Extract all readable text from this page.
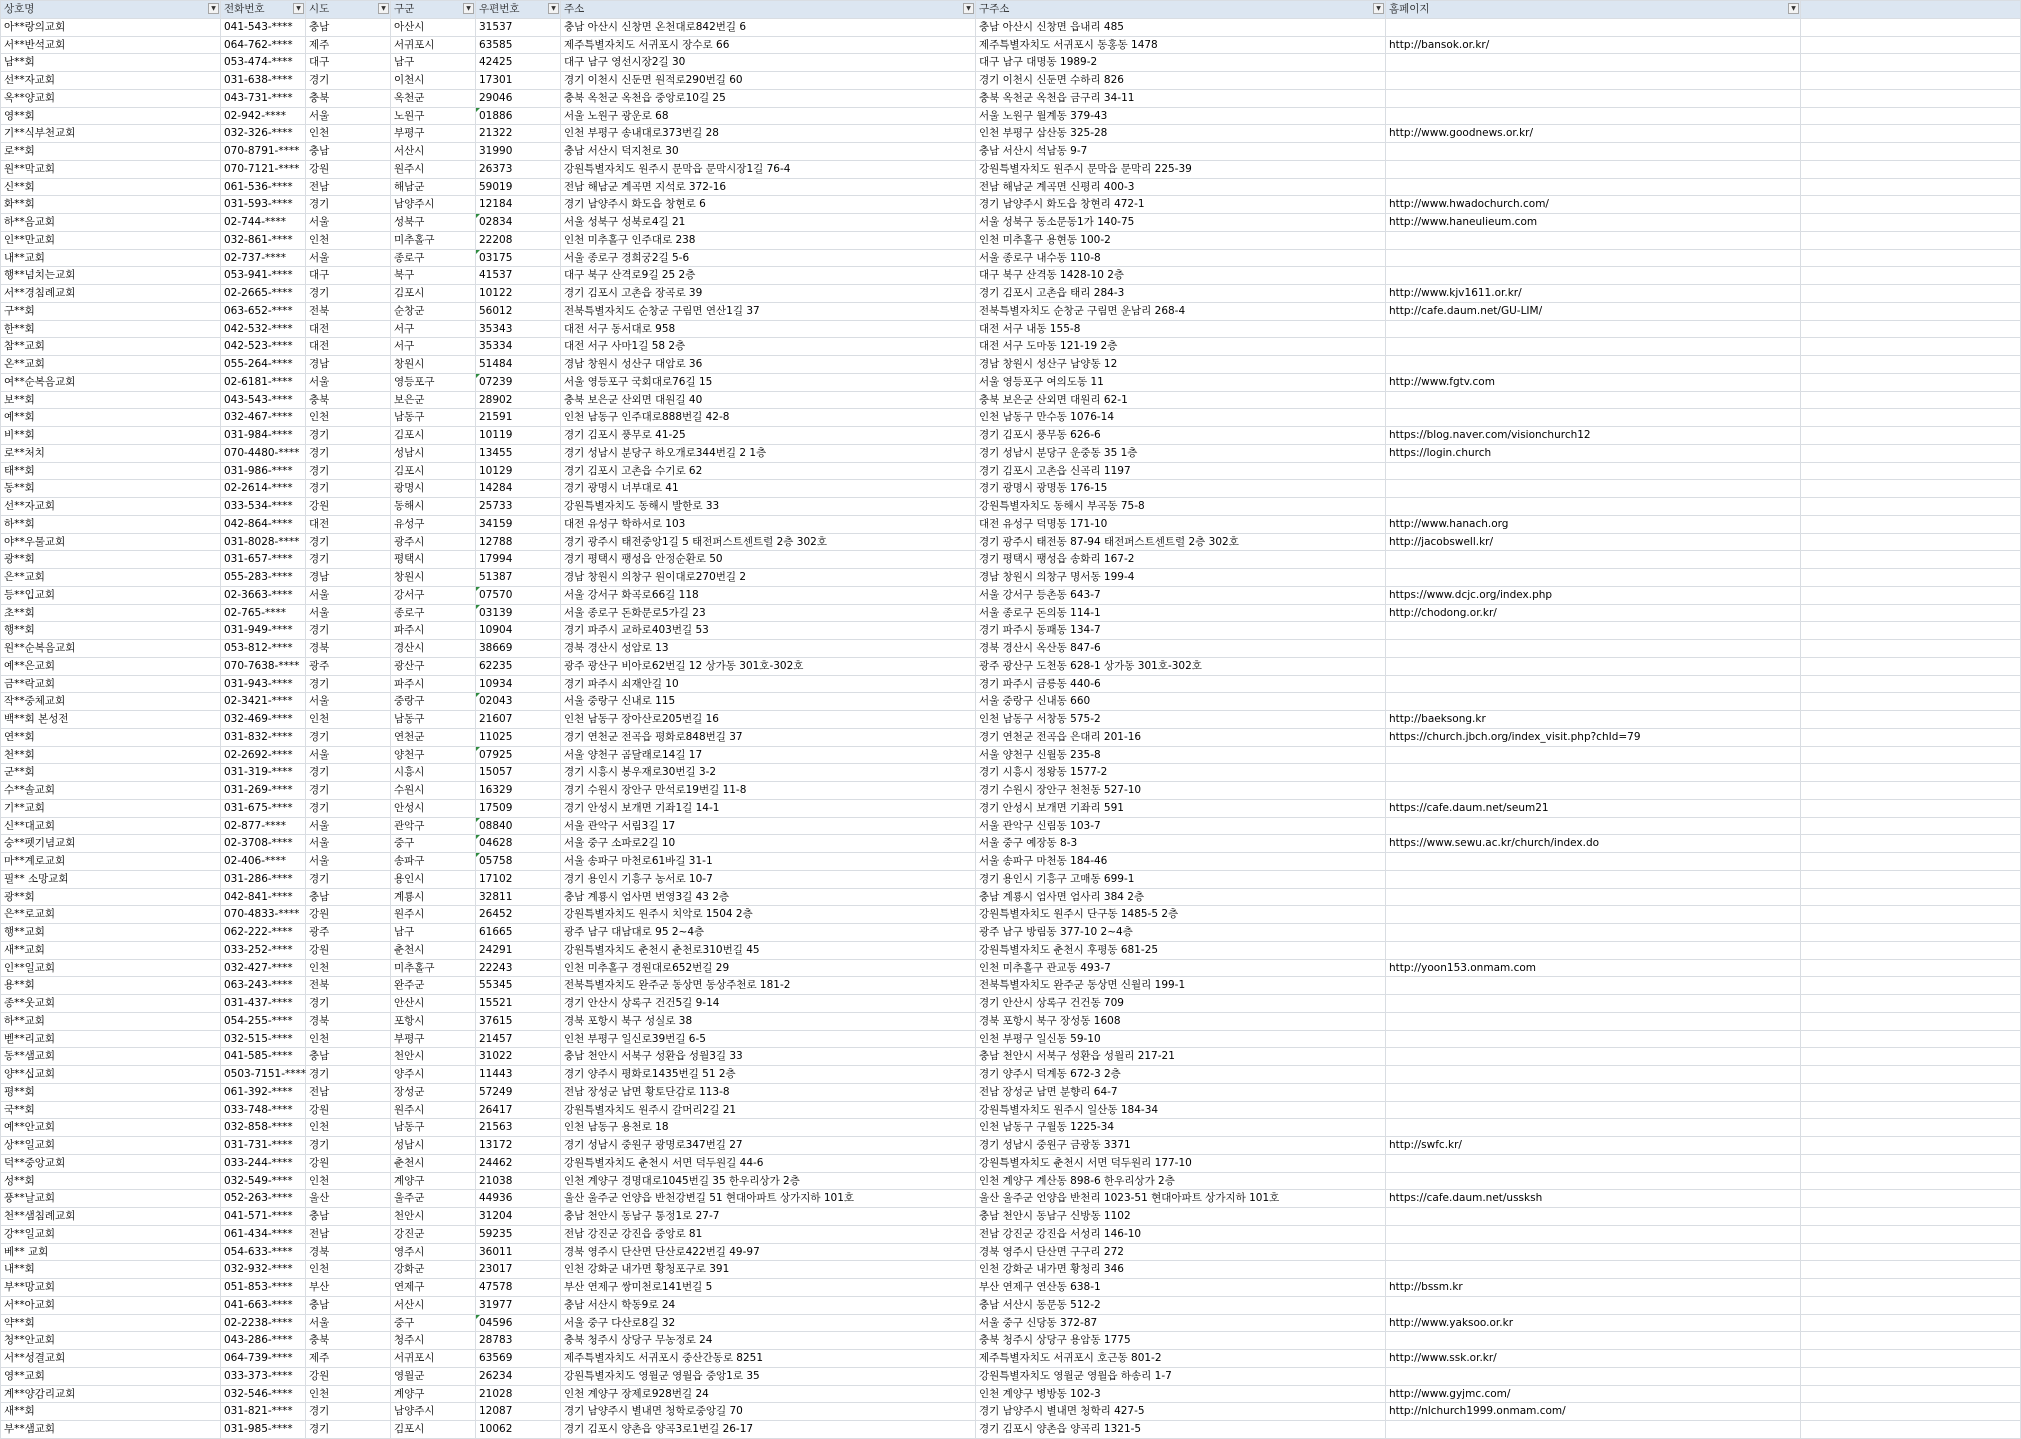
상호명 ▼	전화번호 ▼	시도 ▼	구군 ▼	우편번호 ▼	주소 ▼	구주소 ▼	홈페이지 ▼	

아**랑의교회	041-543-****	충남	아산시	31537	충남 아산시 신창면 온천대로842번길 6	충남 아산시 신창면 읍내리 485		
서**반석교회	064-762-****	제주	서귀포시	63585	제주특별자치도 서귀포시 장수로 66	제주특별자치도 서귀포시 동홍동 1478	http://bansok.or.kr/	
남**회	053-474-****	대구	남구	42425	대구 남구 영선시장2길 30	대구 남구 대명동 1989-2		
선**자교회	031-638-****	경기	이천시	17301	경기 이천시 신둔면 원적로290번길 60	경기 이천시 신둔면 수하리 826		
옥**양교회	043-731-****	충북	옥천군	29046	충북 옥천군 옥천읍 중앙로10길 25	충북 옥천군 옥천읍 금구리 34-11		
영**회	02-942-****	서울	노원구	01886	서울 노원구 광운로 68	서울 노원구 월계동 379-43		
기**식부천교회	032-326-****	인천	부평구	21322	인천 부평구 송내대로373번길 28	인천 부평구 삼산동 325-28	http://www.goodnews.or.kr/	
로**회	070-8791-****	충남	서산시	31990	충남 서산시 덕지천로 30	충남 서산시 석남동 9-7		
원**막교회	070-7121-****	강원	원주시	26373	강원특별자치도 원주시 문막읍 문막시장1길 76-4	강원특별자치도 원주시 문막읍 문막리 225-39		
신**회	061-536-****	전남	해남군	59019	전남 해남군 계곡면 지석로 372-16	전남 해남군 계곡면 신평리 400-3		
화**회	031-593-****	경기	남양주시	12184	경기 남양주시 화도읍 창현로 6	경기 남양주시 화도읍 창현리 472-1	http://www.hwadochurch.com/	
하**음교회	02-744-****	서울	성북구	02834	서울 성북구 성북로4길 21	서울 성북구 동소문동1가 140-75	http://www.haneulieum.com	
인**만교회	032-861-****	인천	미추홀구	22208	인천 미추홀구 인주대로 238	인천 미추홀구 용현동 100-2		
내**교회	02-737-****	서울	종로구	03175	서울 종로구 경희궁2길 5-6	서울 종로구 내수동 110-8		
행**넘치는교회	053-941-****	대구	북구	41537	대구 북구 산격로9길 25 2층	대구 북구 산격동 1428-10 2층		
서**경침례교회	02-2665-****	경기	김포시	10122	경기 김포시 고촌읍 장곡로 39	경기 김포시 고촌읍 태리 284-3	http://www.kjv1611.or.kr/	
구**회	063-652-****	전북	순창군	56012	전북특별자치도 순창군 구림면 연산1길 37	전북특별자치도 순창군 구림면 운남리 268-4	http://cafe.daum.net/GU-LIM/	
한**회	042-532-****	대전	서구	35343	대전 서구 동서대로 958	대전 서구 내동 155-8		
참**교회	042-523-****	대전	서구	35334	대전 서구 사마1길 58 2층	대전 서구 도마동 121-19 2층		
온**교회	055-264-****	경남	창원시	51484	경남 창원시 성산구 대암로 36	경남 창원시 성산구 남양동 12		
여**순복음교회	02-6181-****	서울	영등포구	07239	서울 영등포구 국회대로76길 15	서울 영등포구 여의도동 11	http://www.fgtv.com	
보**회	043-543-****	충북	보은군	28902	충북 보은군 산외면 대원길 40	충북 보은군 산외면 대원리 62-1		
예**회	032-467-****	인천	남동구	21591	인천 남동구 인주대로888번길 42-8	인천 남동구 만수동 1076-14		
비**회	031-984-****	경기	김포시	10119	경기 김포시 풍무로 41-25	경기 김포시 풍무동 626-6	https://blog.naver.com/visionchurch12	
로**처치	070-4480-****	경기	성남시	13455	경기 성남시 분당구 하오개로344번길 2 1층	경기 성남시 분당구 운중동 35 1층	https://login.church	
태**회	031-986-****	경기	김포시	10129	경기 김포시 고촌읍 수기로 62	경기 김포시 고촌읍 신곡리 1197		
동**회	02-2614-****	경기	광명시	14284	경기 광명시 너부대로 41	경기 광명시 광명동 176-15		
선**자교회	033-534-****	강원	동해시	25733	강원특별자치도 동해시 발한로 33	강원특별자치도 동해시 부곡동 75-8		
하**회	042-864-****	대전	유성구	34159	대전 유성구 학하서로 103	대전 유성구 덕명동 171-10	http://www.hanach.org	
야**우물교회	031-8028-****	경기	광주시	12788	경기 광주시 태전중앙1길 5 태전퍼스트센트럴 2층 302호	경기 광주시 태전동 87-94 태전퍼스트센트럴 2층 302호	http://jacobswell.kr/	
광**회	031-657-****	경기	평택시	17994	경기 평택시 팽성읍 안정순환로 50	경기 평택시 팽성읍 송화리 167-2		
은**교회	055-283-****	경남	창원시	51387	경남 창원시 의창구 원이대로270번길 2	경남 창원시 의창구 명서동 199-4		
등**입교회	02-3663-****	서울	강서구	07570	서울 강서구 화곡로66길 118	서울 강서구 등촌동 643-7	https://www.dcjc.org/index.php	
초**회	02-765-****	서울	종로구	03139	서울 종로구 돈화문로5가길 23	서울 종로구 돈의동 114-1	http://chodong.or.kr/	
행**회	031-949-****	경기	파주시	10904	경기 파주시 교하로403번길 53	경기 파주시 동패동 134-7		
원**순복음교회	053-812-****	경북	경산시	38669	경북 경산시 성암로 13	경북 경산시 옥산동 847-6		
예**은교회	070-7638-****	광주	광산구	62235	광주 광산구 비아로62번길 12 상가동 301호-302호	광주 광산구 도천동 628-1 상가동 301호-302호		
금**락교회	031-943-****	경기	파주시	10934	경기 파주시 쇠재안길 10	경기 파주시 금릉동 440-6		
작**중체교회	02-3421-****	서울	중랑구	02043	서울 중랑구 신내로 115	서울 중랑구 신내동 660		
백**회 본성전	032-469-****	인천	남동구	21607	인천 남동구 장아산로205번길 16	인천 남동구 서창동 575-2	http://baeksong.kr	
연**회	031-832-****	경기	연천군	11025	경기 연천군 전곡읍 평화로848번길 37	경기 연천군 전곡읍 은대리 201-16	https://church.jbch.org/index_visit.php?chId=79	
천**회	02-2692-****	서울	양천구	07925	서울 양천구 곰달래로14길 17	서울 양천구 신월동 235-8		
군**회	031-319-****	경기	시흥시	15057	경기 시흥시 봉우재로30번길 3-2	경기 시흥시 정왕동 1577-2		
수**솔교회	031-269-****	경기	수원시	16329	경기 수원시 장안구 만석로19번길 11-8	경기 수원시 장안구 천천동 527-10		
기**교회	031-675-****	경기	안성시	17509	경기 안성시 보개면 기좌1길 14-1	경기 안성시 보개면 기좌리 591	https://cafe.daum.net/seum21	
신**대교회	02-877-****	서울	관악구	08840	서울 관악구 서림3길 17	서울 관악구 신림동 103-7		
숭**펫기념교회	02-3708-****	서울	중구	04628	서울 중구 소파로2길 10	서울 중구 예장동 8-3	https://www.sewu.ac.kr/church/index.do	
마**계로교회	02-406-****	서울	송파구	05758	서울 송파구 마천로61바길 31-1	서울 송파구 마천동 184-46		
필** 소망교회	031-286-****	경기	용인시	17102	경기 용인시 기흥구 농서로 10-7	경기 용인시 기흥구 고매동 699-1		
광**회	042-841-****	충남	계룡시	32811	충남 계룡시 엄사면 번영3길 43 2층	충남 계룡시 엄사면 엄사리 384 2층		
은**로교회	070-4833-****	강원	원주시	26452	강원특별자치도 원주시 치악로 1504 2층	강원특별자치도 원주시 단구동 1485-5 2층		
행**교회	062-222-****	광주	남구	61665	광주 남구 대남대로 95 2~4층	광주 남구 방림동 377-10 2~4층		
새**교회	033-252-****	강원	춘천시	24291	강원특별자치도 춘천시 춘천로310번길 45	강원특별자치도 춘천시 후평동 681-25		
인**일교회	032-427-****	인천	미추홀구	22243	인천 미추홀구 경원대로652번길 29	인천 미추홀구 관교동 493-7	http://yoon153.onmam.com	
용**회	063-243-****	전북	완주군	55345	전북특별자치도 완주군 동상면 동상주천로 181-2	전북특별자치도 완주군 동상면 신월리 199-1		
종**웃교회	031-437-****	경기	안산시	15521	경기 안산시 상록구 건건5길 9-14	경기 안산시 상록구 건건동 709		
하**교회	054-255-****	경북	포항시	37615	경북 포항시 북구 성실로 38	경북 포항시 북구 장성동 1608		
벧**리교회	032-515-****	인천	부평구	21457	인천 부평구 일신로39번길 6-5	인천 부평구 일신동 59-10		
동**샘교회	041-585-****	충남	천안시	31022	충남 천안시 서북구 성환읍 성월3길 33	충남 천안시 서북구 성환읍 성월리 217-21		
양**십교회	0503-7151-****	경기	양주시	11443	경기 양주시 평화로1435번길 51 2층	경기 양주시 덕계동 672-3 2층		
평**회	061-392-****	전남	장성군	57249	전남 장성군 남면 황토단감로 113-8	전남 장성군 남면 분향리 64-7		
국**회	033-748-****	강원	원주시	26417	강원특별자치도 원주시 갈머리2길 21	강원특별자치도 원주시 일산동 184-34		
예**안교회	032-858-****	인천	남동구	21563	인천 남동구 용천로 18	인천 남동구 구월동 1225-34		
상**일교회	031-731-****	경기	성남시	13172	경기 성남시 중원구 광명로347번길 27	경기 성남시 중원구 금광동 3371	http://swfc.kr/	
덕**중앙교회	033-244-****	강원	춘천시	24462	강원특별자치도 춘천시 서면 덕두원길 44-6	강원특별자치도 춘천시 서면 덕두원리 177-10		
성**회	032-549-****	인천	계양구	21038	인천 계양구 경명대로1045번길 35 한우리상가 2층	인천 계양구 계산동 898-6 한우리상가 2층		
풍**날교회	052-263-****	울산	울주군	44936	울산 울주군 언양읍 반천강변길 51 현대아파트 상가지하 101호	울산 울주군 언양읍 반천리 1023-51 현대아파트 상가지하 101호	https://cafe.daum.net/ussksh	
천**샘침례교회	041-571-****	충남	천안시	31204	충남 천안시 동남구 통정1로 27-7	충남 천안시 동남구 신방동 1102		
강**일교회	061-434-****	전남	강진군	59235	전남 강진군 강진읍 중앙로 81	전남 강진군 강진읍 서성리 146-10		
베** 교회	054-633-****	경북	영주시	36011	경북 영주시 단산면 단산로422번길 49-97	경북 영주시 단산면 구구리 272		
내**회	032-932-****	인천	강화군	23017	인천 강화군 내가면 황청포구로 391	인천 강화군 내가면 황청리 346		
부**망교회	051-853-****	부산	연제구	47578	부산 연제구 쌍미천로141번길 5	부산 연제구 연산동 638-1	http://bssm.kr	
서**아교회	041-663-****	충남	서산시	31977	충남 서산시 학동9로 24	충남 서산시 동문동 512-2		
약**회	02-2238-****	서울	중구	04596	서울 중구 다산로8길 32	서울 중구 신당동 372-87	http://www.yaksoo.or.kr	
청**안교회	043-286-****	충북	청주시	28783	충북 청주시 상당구 무농정로 24	충북 청주시 상당구 용암동 1775		
서**성결교회	064-739-****	제주	서귀포시	63569	제주특별자치도 서귀포시 중산간동로 8251	제주특별자치도 서귀포시 호근동 801-2	http://www.ssk.or.kr/	
영**교회	033-373-****	강원	영월군	26234	강원특별자치도 영월군 영월읍 중앙1로 35	강원특별자치도 영월군 영월읍 하송리 1-7		
계**양감리교회	032-546-****	인천	계양구	21028	인천 계양구 장제로928번길 24	인천 계양구 병방동 102-3	http://www.gyjmc.com/	
새**회	031-821-****	경기	남양주시	12087	경기 남양주시 별내면 청학로중앙길 70	경기 남양주시 별내면 청학리 427-5	http://nlchurch1999.onmam.com/	
부**샘교회	031-985-****	경기	김포시	10062	경기 김포시 양촌읍 양곡3로1번길 26-17	경기 김포시 양촌읍 양곡리 1321-5		
